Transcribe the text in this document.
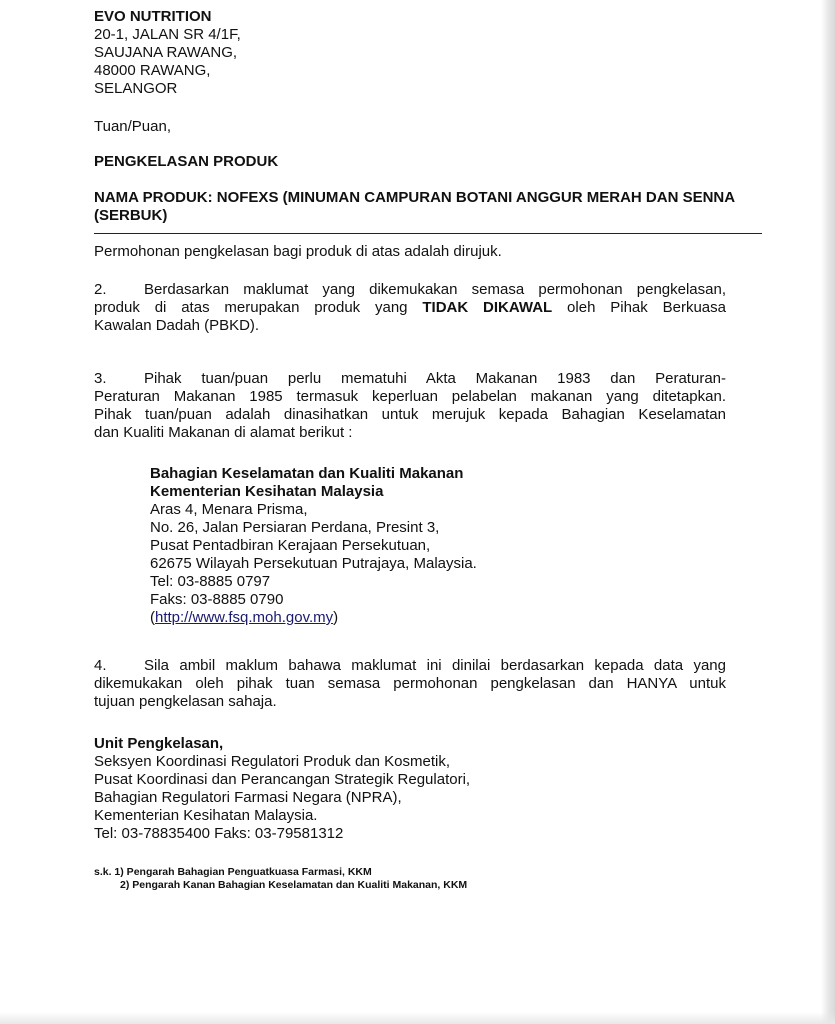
EVO NUTRITION
20-1, JALAN SR 4/1F,
SAUJANA RAWANG,
48000 RAWANG,
SELANGOR
Tuan/Puan,
PENGKELASAN PRODUK
NAMA PRODUK: NOFEXS (MINUMAN CAMPURAN BOTANI ANGGUR MERAH DAN SENNA
(SERBUK)
Permohonan pengkelasan bagi produk di atas adalah dirujuk.
2. Berdasarkan maklumat yang dikemukakan semasa permohonan pengkelasan,
produk di atas merupakan produk yang TIDAK DIKAWAL oleh Pihak Berkuasa
Kawalan Dadah (PBKD).
3. Pihak tuan/puan perlu mematuhi Akta Makanan 1983 dan Peraturan-
Peraturan Makanan 1985 termasuk keperluan pelabelan makanan yang ditetapkan.
Pihak tuan/puan adalah dinasihatkan untuk merujuk kepada Bahagian Keselamatan
dan Kualiti Makanan di alamat berikut :
Bahagian Keselamatan dan Kualiti Makanan
Kementerian Kesihatan Malaysia
Aras 4, Menara Prisma,
No. 26, Jalan Persiaran Perdana, Presint 3,
Pusat Pentadbiran Kerajaan Persekutuan,
62675 Wilayah Persekutuan Putrajaya, Malaysia.
Tel: 03-8885 0797
Faks: 03-8885 0790
(http://www.fsq.moh.gov.my)
4. Sila ambil maklum bahawa maklumat ini dinilai berdasarkan kepada data yang
dikemukakan oleh pihak tuan semasa permohonan pengkelasan dan HANYA untuk
tujuan pengkelasan sahaja.
Unit Pengkelasan,
Seksyen Koordinasi Regulatori Produk dan Kosmetik,
Pusat Koordinasi dan Perancangan Strategik Regulatori,
Bahagian Regulatori Farmasi Negara (NPRA),
Kementerian Kesihatan Malaysia.
Tel: 03-78835400 Faks: 03-79581312
s.k. 1) Pengarah Bahagian Penguatkuasa Farmasi, KKM
2) Pengarah Kanan Bahagian Keselamatan dan Kualiti Makanan, KKM
